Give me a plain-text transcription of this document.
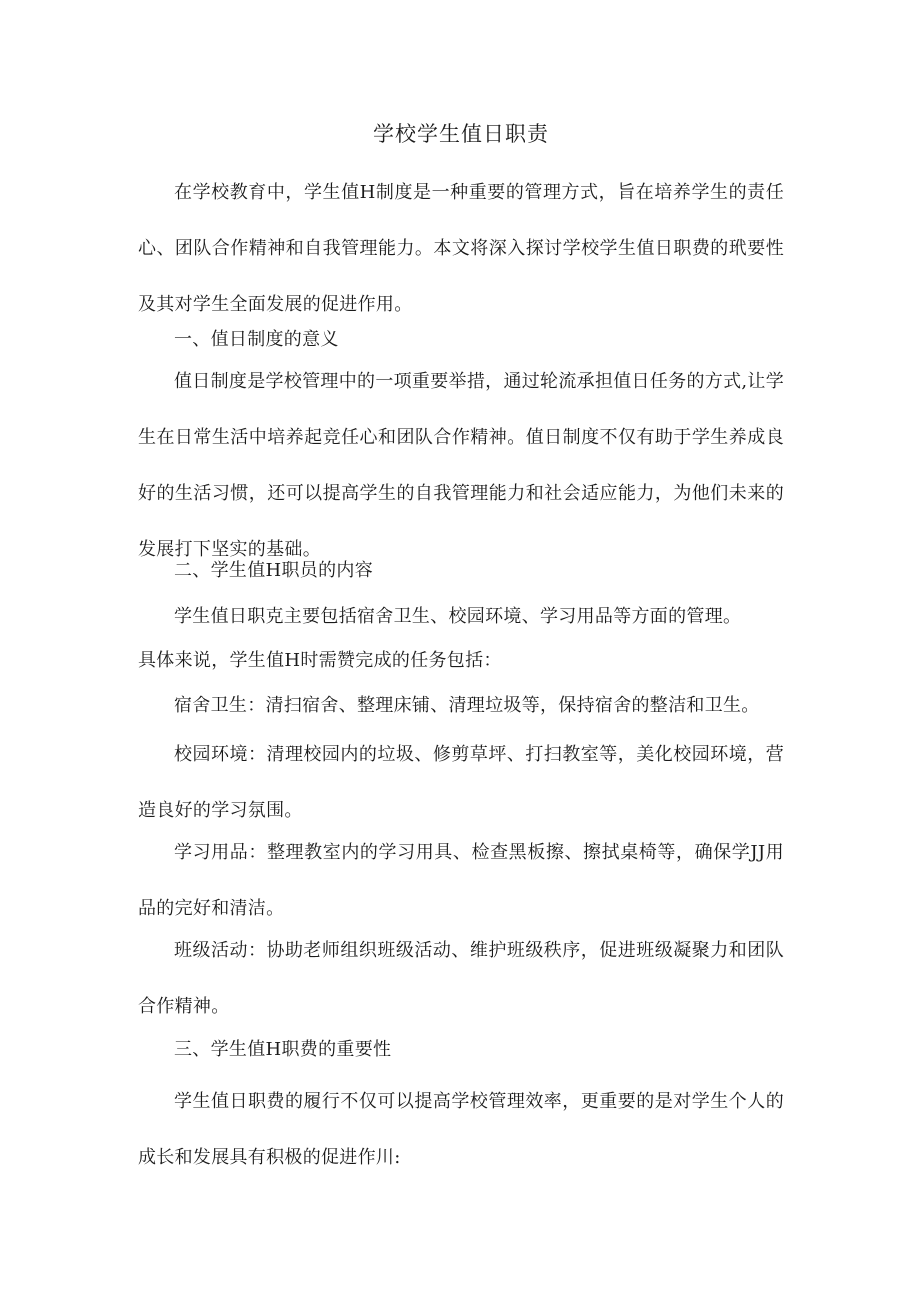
学校学生值日职责

在学校教育中，学生值H制度是一种重要的管理方式，旨在培养学生的责任心、团队合作精神和自我管理能力。本文将深入探讨学校学生值日职费的玳要性及其对学生全面发展的促进作用。

一、值日制度的意义

值日制度是学校管理中的一项重要举措，通过轮流承担值日任务的方式,让学生在日常生活中培养起竞任心和团队合作精神。值日制度不仅有助于学生养成良好的生活习惯，还可以提高学生的自我管理能力和社会适应能力，为他们未来的发展打下坚实的基础。

二、学生值H职员的内容

学生值日职克主要包括宿舍卫生、校园环境、学习用品等方面的管理。

具体来说，学生值H时需赞完成的任务包括：

宿舍卫生：清扫宿舍、整理床铺、清理垃圾等，保持宿舍的整洁和卫生。

校园环境：清理校园内的垃圾、修剪草坪、打扫教室等，美化校园环境，营造良好的学习氛围。

学习用品：整理教室内的学习用具、检查黑板擦、擦拭桌椅等，确保学JJ用品的完好和清洁。

班级活动：协助老师组织班级活动、维护班级秩序，促进班级凝聚力和团队合作精神。

三、学生值H职费的重要性

学生值日职费的履行不仅可以提高学校管理效率，更重要的是对学生个人的成长和发展具有积极的促进作川:
